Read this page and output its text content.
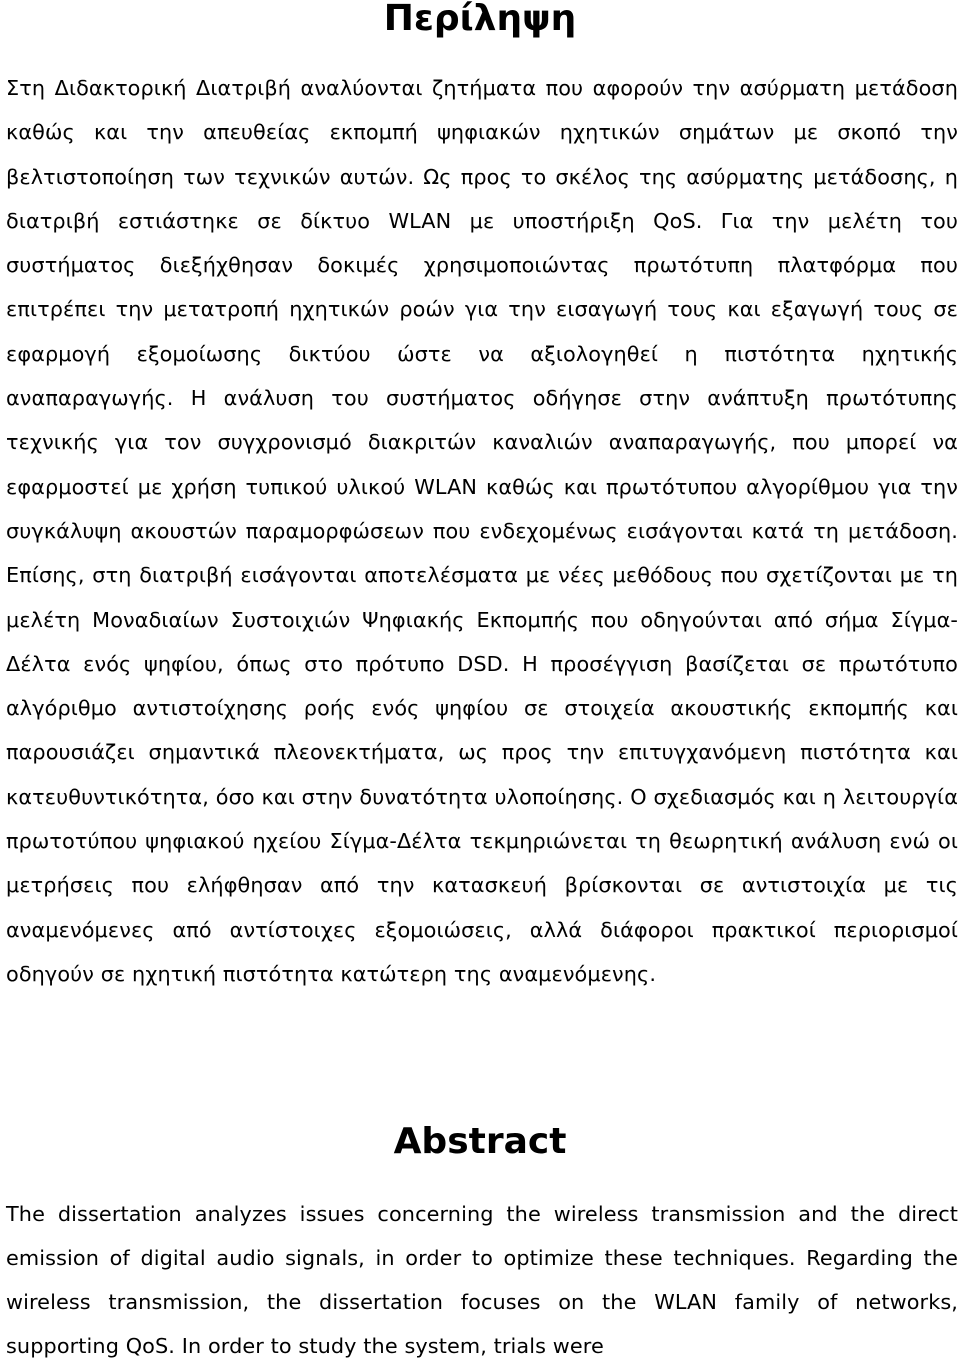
Περίληψη

Στη Διδακτορική Διατριβή αναλύονται ζητήματα που αφορούν την ασύρματη μετάδοση καθώς και την απευθείας εκπομπή ψηφιακών ηχητικών σημάτων με σκοπό την βελτιστοποίηση των τεχνικών αυτών. Ως προς το σκέλος της ασύρματης μετάδοσης, η διατριβή εστιάστηκε σε δίκτυο WLAN με υποστήριξη QoS. Για την μελέτη του συστήματος διεξήχθησαν δοκιμές χρησιμοποιώντας πρωτότυπη πλατφόρμα που επιτρέπει την μετατροπή ηχητικών ροών για την εισαγωγή τους και εξαγωγή τους σε εφαρμογή εξομοίωσης δικτύου ώστε να αξιολογηθεί η πιστότητα ηχητικής αναπαραγωγής. Η ανάλυση του συστήματος οδήγησε στην ανάπτυξη πρωτότυπης τεχνικής για τον συγχρονισμό διακριτών καναλιών αναπαραγωγής, που μπορεί να εφαρμοστεί με χρήση τυπικού υλικού WLAN καθώς και πρωτότυπου αλγορίθμου για την συγκάλυψη ακουστών παραμορφώσεων που ενδεχομένως εισάγονται κατά τη μετάδοση. Επίσης, στη διατριβή εισάγονται αποτελέσματα με νέες μεθόδους που σχετίζονται με τη μελέτη Μοναδιαίων Συστοιχιών Ψηφιακής Εκπομπής που οδηγούνται από σήμα Σίγμα-Δέλτα ενός ψηφίου, όπως στο πρότυπο DSD. Η προσέγγιση βασίζεται σε πρωτότυπο αλγόριθμο αντιστοίχησης ροής ενός ψηφίου σε στοιχεία ακουστικής εκπομπής και παρουσιάζει σημαντικά πλεονεκτήματα, ως προς την επιτυγχανόμενη πιστότητα και κατευθυντικότητα, όσο και στην δυνατότητα υλοποίησης. Ο σχεδιασμός και η λειτουργία πρωτοτύπου ψηφιακού ηχείου Σίγμα-Δέλτα τεκμηριώνεται τη θεωρητική ανάλυση ενώ οι μετρήσεις που ελήφθησαν από την κατασκευή βρίσκονται σε αντιστοιχία με τις αναμενόμενες από αντίστοιχες εξομοιώσεις, αλλά διάφοροι πρακτικοί περιορισμοί οδηγούν σε ηχητική πιστότητα κατώτερη της αναμενόμενης.

Abstract

The dissertation analyzes issues concerning the wireless transmission and the direct emission of digital audio signals, in order to optimize these techniques. Regarding the wireless transmission, the dissertation focuses on the WLAN family of networks, supporting QoS. In order to study the system, trials were
